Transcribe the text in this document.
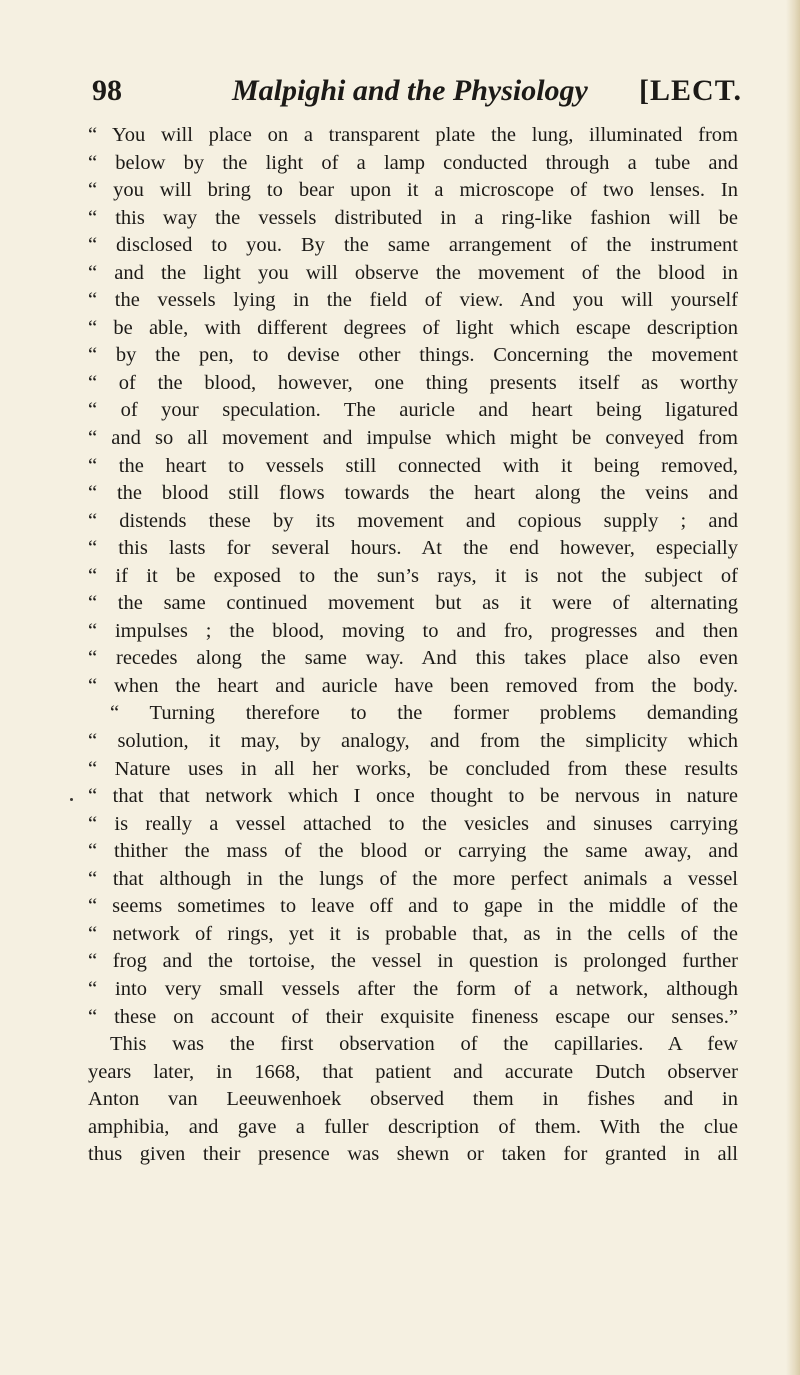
98	Malpighi and the Physiology [LECT.
“ You will place on a transparent plate the lung, illuminated from
“ below by the light of a lamp conducted through a tube and
“ you will bring to bear upon it a microscope of two lenses. In
“ this way the vessels distributed in a ring-like fashion will be
“ disclosed to you. By the same arrangement of the instrument
“ and the light you will observe the movement of the blood in
“ the vessels lying in the field of view. And you will yourself
“ be able, with different degrees of light which escape description
“ by the pen, to devise other things. Concerning the movement
“ of the blood, however, one thing presents itself as worthy
“ of your speculation. The auricle and heart being ligatured
“ and so all movement and impulse which might be conveyed from
“ the heart to vessels still connected with it being removed,
“ the blood still flows towards the heart along the veins and
“ distends these by its movement and copious supply ; and
“ this lasts for several hours. At the end however, especially
“ if it be exposed to the sun’s rays, it is not the subject of
“ the same continued movement but as it were of alternating
“ impulses ; the blood, moving to and fro, progresses and then
“ recedes along the same way. And this takes place also even
“ when the heart and auricle have been removed from the body.
“ Turning therefore to the former problems demanding
“ solution, it may, by analogy, and from the simplicity which
“ Nature uses in all her works, be concluded from these results
“ that that network which I once thought to be nervous in nature
“ is really a vessel attached to the vesicles and sinuses carrying
“ thither the mass of the blood or carrying the same away, and
“ that although in the lungs of the more perfect animals a vessel
“ seems sometimes to leave off and to gape in the middle of the
“ network of rings, yet it is probable that, as in the cells of the
“ frog and the tortoise, the vessel in question is prolonged further
“ into very small vessels after the form of a network, although
“ these on account of their exquisite fineness escape our senses.”
This was the first observation of the capillaries. A few
years later, in 1668, that patient and accurate Dutch observer
Anton van Leeuwenhoek observed them in fishes and in
amphibia, and gave a fuller description of them. With the clue
thus given their presence was shewn or taken for granted in all
